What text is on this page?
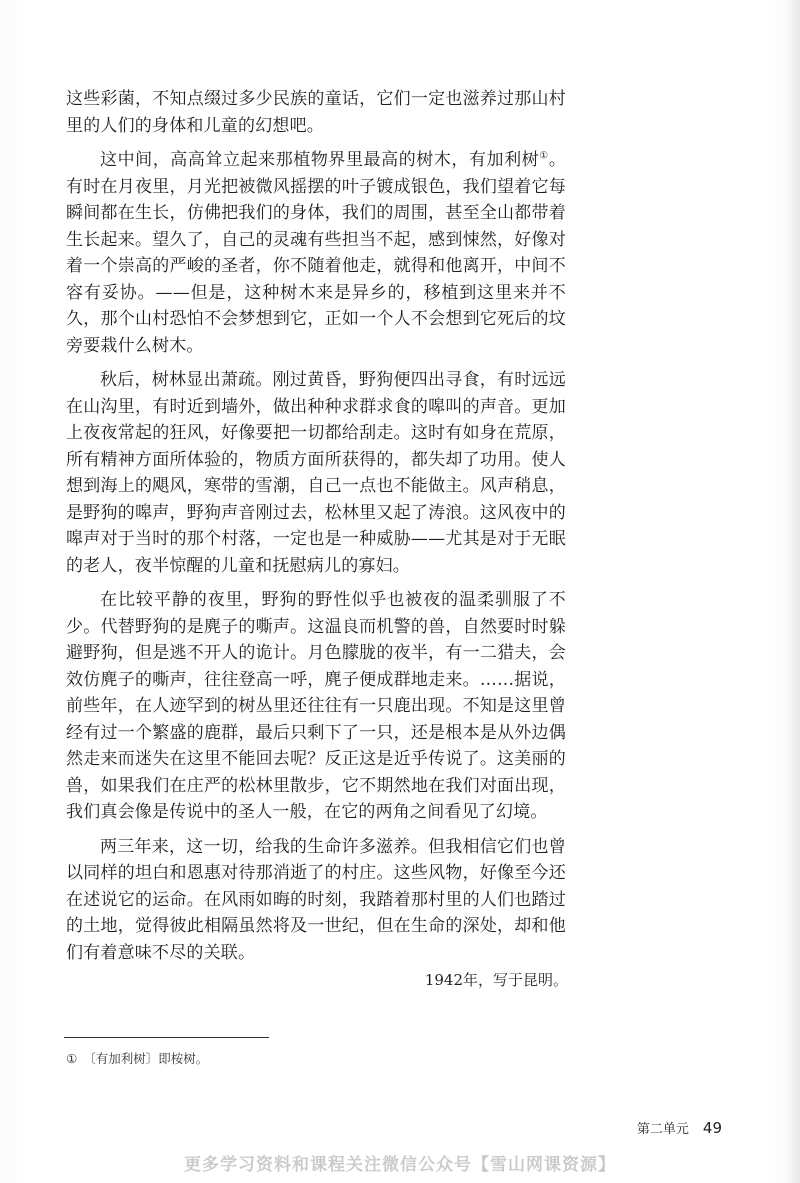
这些彩菌，不知点缀过多少民族的童话，它们一定也滋养过那山村里的人们的身体和儿童的幻想吧。

这中间，高高耸立起来那植物界里最高的树木，有加利树①。有时在月夜里，月光把被微风摇摆的叶子镀成银色，我们望着它每瞬间都在生长，仿佛把我们的身体，我们的周围，甚至全山都带着生长起来。望久了，自己的灵魂有些担当不起，感到悚然，好像对着一个崇高的严峻的圣者，你不随着他走，就得和他离开，中间不容有妥协。——但是，这种树木来是异乡的，移植到这里来并不久，那个山村恐怕不会梦想到它，正如一个人不会想到它死后的坟旁要栽什么树木。

秋后，树林显出萧疏。刚过黄昏，野狗便四出寻食，有时远远在山沟里，有时近到墙外，做出种种求群求食的嗥叫的声音。更加上夜夜常起的狂风，好像要把一切都给刮走。这时有如身在荒原，所有精神方面所体验的，物质方面所获得的，都失却了功用。使人想到海上的飓风，寒带的雪潮，自己一点也不能做主。风声稍息，是野狗的嗥声，野狗声音刚过去，松林里又起了涛浪。这风夜中的嗥声对于当时的那个村落，一定也是一种威胁——尤其是对于无眠的老人，夜半惊醒的儿童和抚慰病儿的寡妇。

在比较平静的夜里，野狗的野性似乎也被夜的温柔驯服了不少。代替野狗的是麂子的嘶声。这温良而机警的兽，自然要时时躲避野狗，但是逃不开人的诡计。月色朦胧的夜半，有一二猎夫，会效仿麂子的嘶声，往往登高一呼，麂子便成群地走来。……据说，前些年，在人迹罕到的树丛里还往往有一只鹿出现。不知是这里曾经有过一个繁盛的鹿群，最后只剩下了一只，还是根本是从外边偶然走来而迷失在这里不能回去呢？反正这是近乎传说了。这美丽的兽，如果我们在庄严的松林里散步，它不期然地在我们对面出现，我们真会像是传说中的圣人一般，在它的两角之间看见了幻境。

两三年来，这一切，给我的生命许多滋养。但我相信它们也曾以同样的坦白和恩惠对待那消逝了的村庄。这些风物，好像至今还在述说它的运命。在风雨如晦的时刻，我踏着那村里的人们也踏过的土地，觉得彼此相隔虽然将及一世纪，但在生命的深处，却和他们有着意味不尽的关联。

1942年，写于昆明。
① 〔有加利树〕即桉树。
第二单元 49
更多学习资料和课程关注微信公众号【雪山网课资源】
